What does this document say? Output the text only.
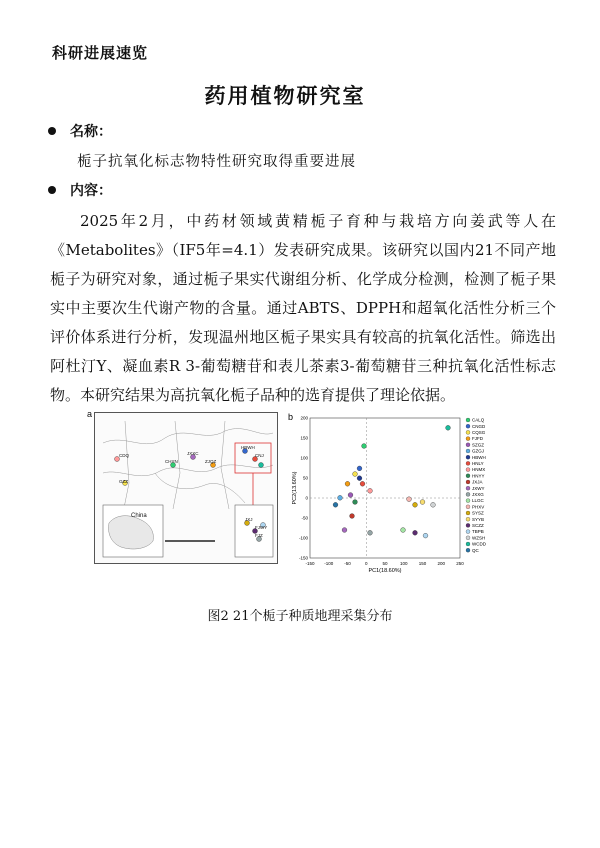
科研进展速览
药用植物研究室
名称：
栀子抗氧化标志物特性研究取得重要进展
内容：

2025年2月，中药材领域黄精栀子育种与栽培方向姜武等人在《Metabolites》（IF5年=4.1）发表研究成果。该研究以国内21不同产地栀子为研究对象，通过栀子果实代谢组分析、化学成分检测，检测了栀子果实中主要次生代谢产物的含量。通过ABTS、DPPH和超氧化活性分析三个评价体系进行分析，发现温州地区栀子果实具有较高的抗氧化活性。筛选出阿杜汀Y、凝血素R 3-葡萄糖苷和表儿茶素3-葡萄糖苷三种抗氧化活性标志物。本研究结果为高抗氧化栀子品种的选育提供了理论依据。

a
China
CDQ
GZZ
CHYN
JXXC
ZJQZ
HBWH
CNJ
JXJ
FJWY
FJZ
-150 -100 -50	0	50	100 150 200 250
-150
-100
-50
0
50
100
150
200
PC1(18.60%)
PC2(13.60%)
b	CALQ
CNGD
CQSG
FJFD
SZGZ
GZGJ
HBWH
HNLY
HNMX
HNYY
JXJA
JXWY
JXXG
LLGC
PHXV
SYSZ
SYYB
SCZZ
TBPB
WZSH
WCDD
QC
图2 21个栀子种质地理采集分布
